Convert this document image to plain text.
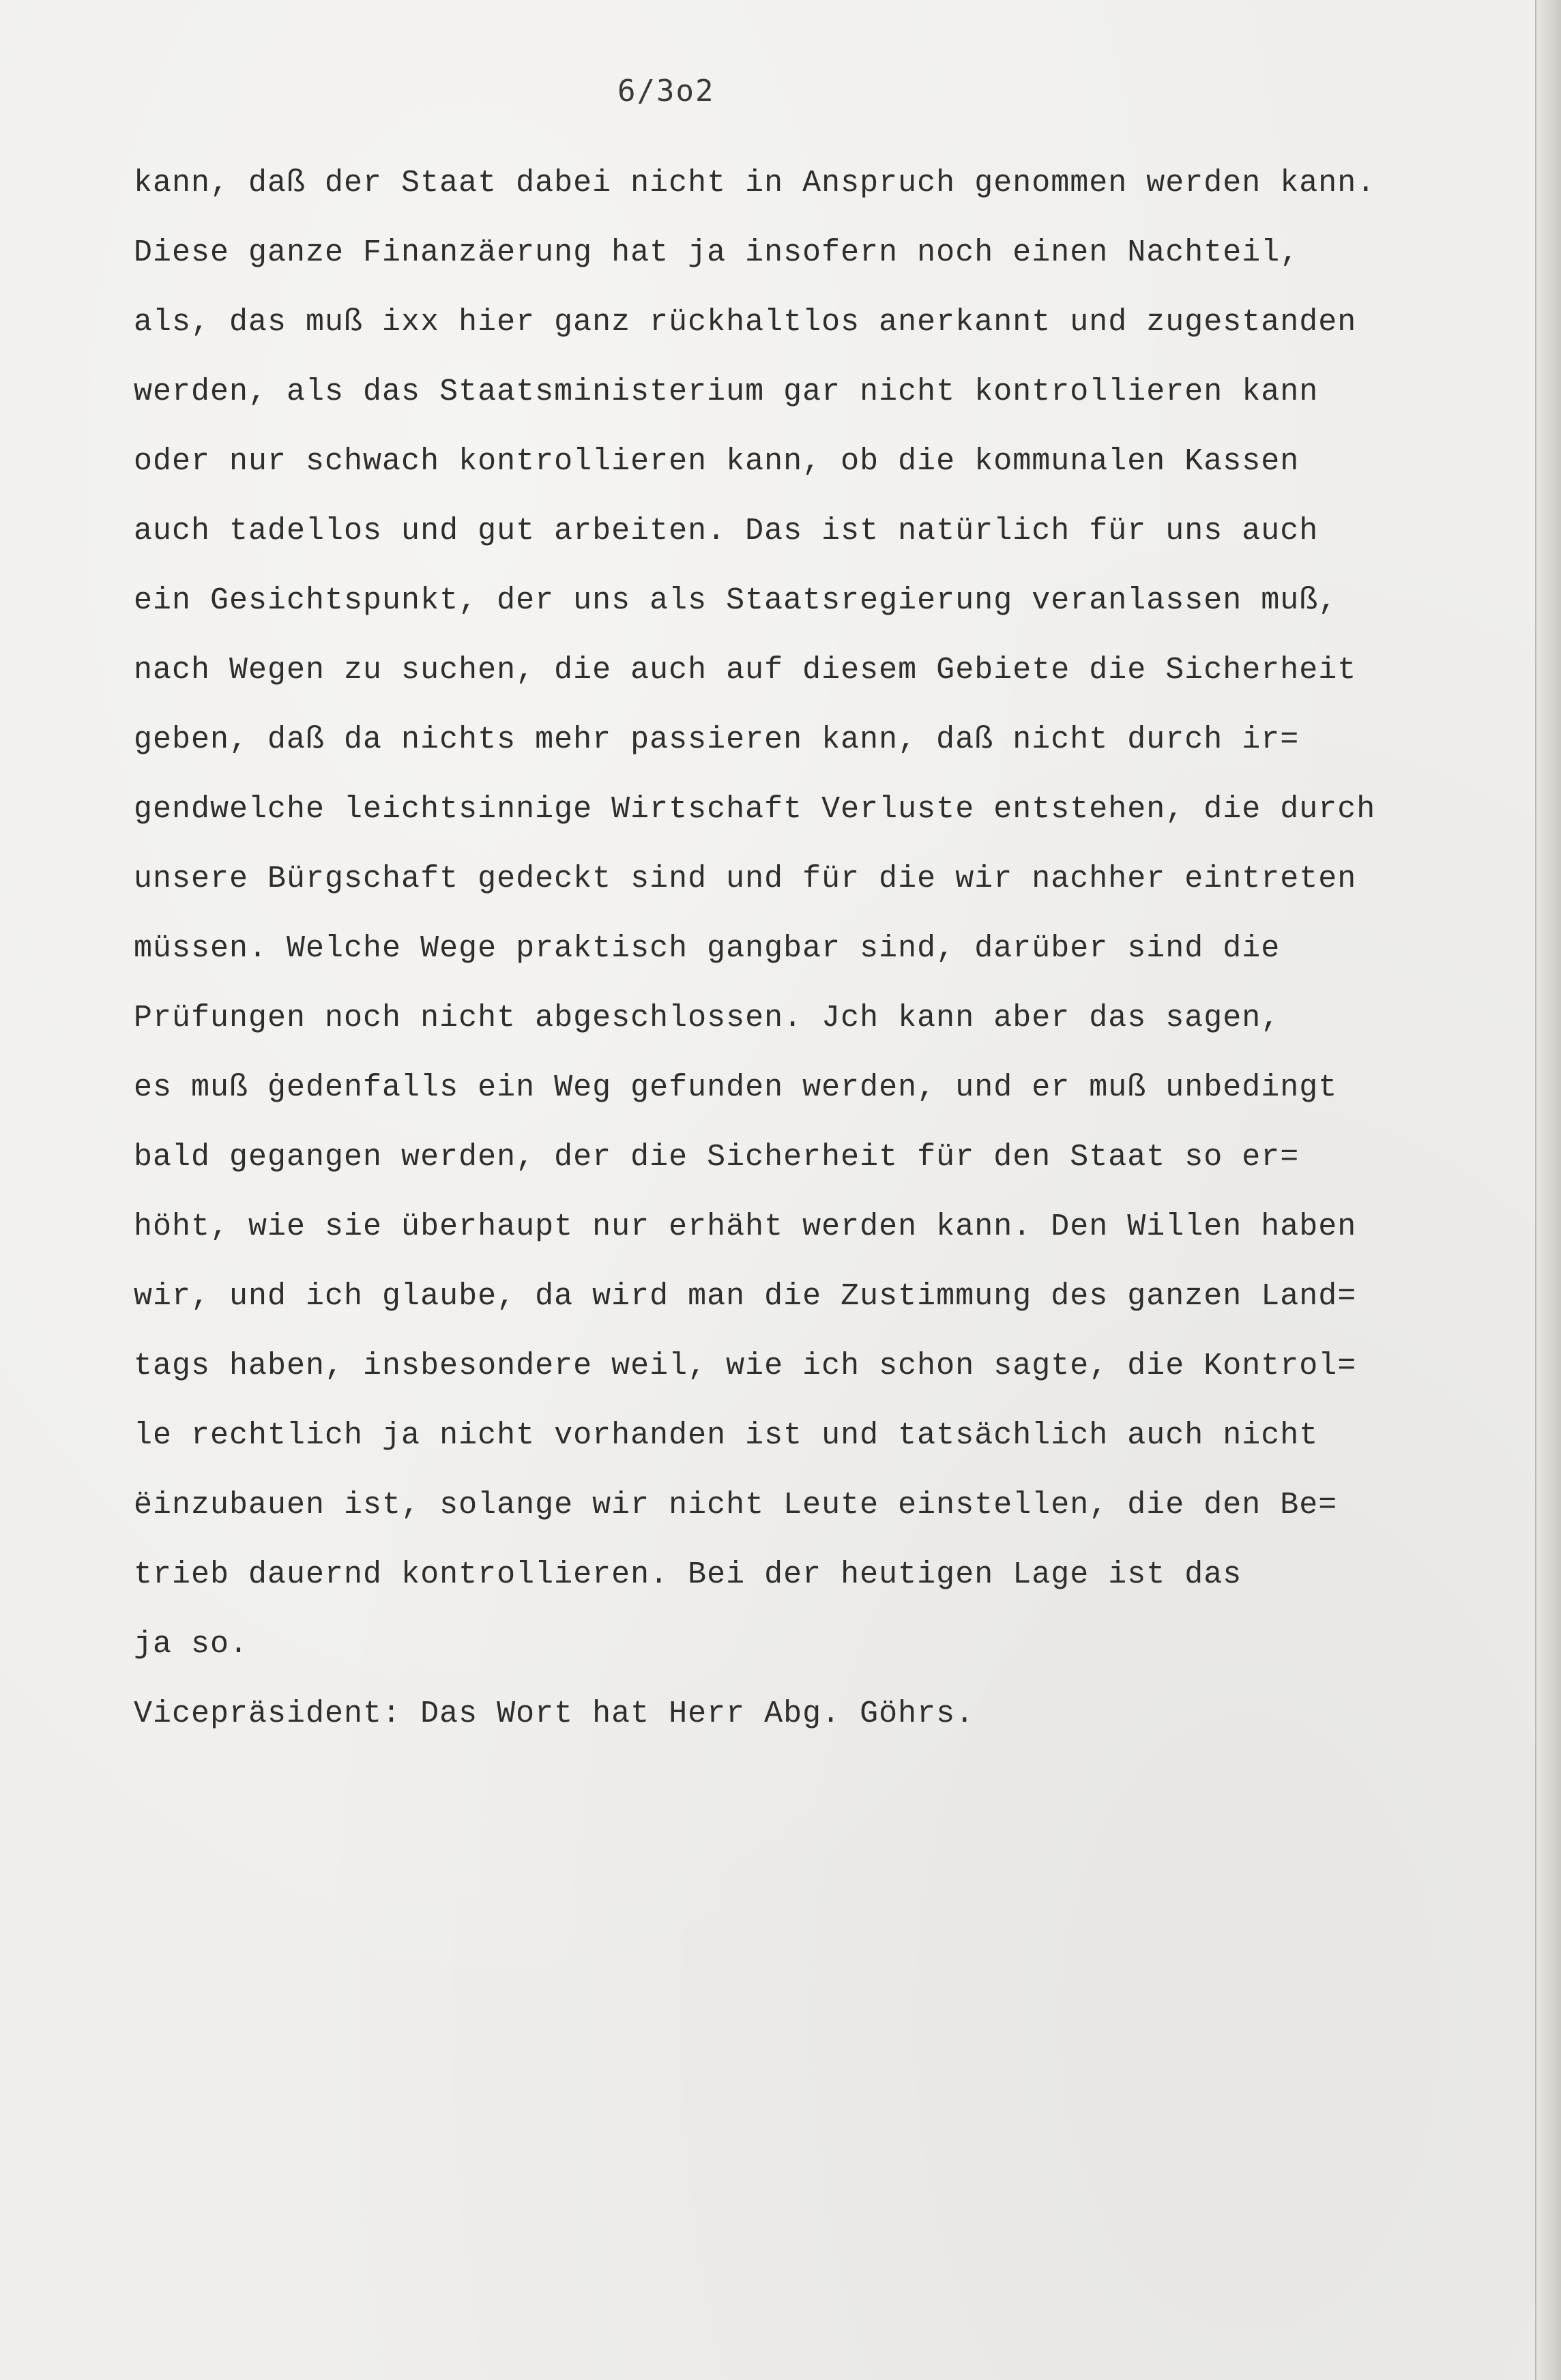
6/3o2
kann, daß der Staat dabei nicht in Anspruch genommen werden kann.
Diese ganze Finanzäerung hat ja insofern noch einen Nachteil,
als, das muß ixx hier ganz rückhaltlos anerkannt und zugestanden
werden, als das Staatsministerium gar nicht kontrollieren kann
oder nur schwach kontrollieren kann, ob die kommunalen Kassen
auch tadellos und gut arbeiten. Das ist natürlich für uns auch
ein Gesichtspunkt, der uns als Staatsregierung veranlassen muß,
nach Wegen zu suchen, die auch auf diesem Gebiete die Sicherheit
geben, daß da nichts mehr passieren kann, daß nicht durch ir=
gendwelche leichtsinnige Wirtschaft Verluste entstehen, die durch
unsere Bürgschaft gedeckt sind und für die wir nachher eintreten
müssen. Welche Wege praktisch gangbar sind, darüber sind die
Prüfungen noch nicht abgeschlossen. Jch kann aber das sagen,
es muß ġedenfalls ein Weg gefunden werden, und er muß unbedingt
bald gegangen werden, der die Sicherheit für den Staat so er=
höht, wie sie überhaupt nur erhäht werden kann. Den Willen haben
wir, und ich glaube, da wird man die Zustimmung des ganzen Land=
tags haben, insbesondere weil, wie ich schon sagte, die Kontrol=
le rechtlich ja nicht vorhanden ist und tatsächlich auch nicht
ëinzubauen ist, solange wir nicht Leute einstellen, die den Be=
trieb dauernd kontrollieren. Bei der heutigen Lage ist das
ja so.
Vicepräsident: Das Wort hat Herr Abg. Göhrs.
